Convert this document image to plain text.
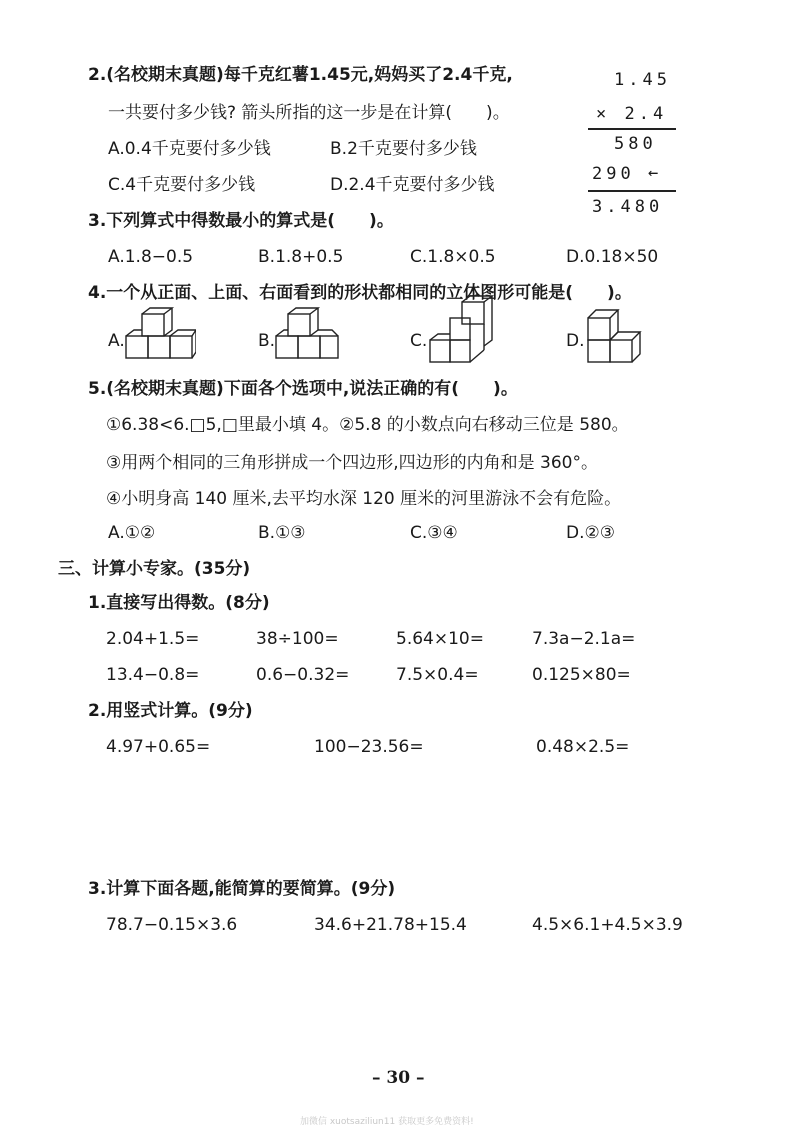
2.(名校期末真题)每千克红薯1.45元,妈妈买了2.4千克,
一共要付多少钱? 箭头所指的这一步是在计算(　　)。
A.0.4千克要付多少钱	B.2千克要付多少钱
C.4千克要付多少钱	D.2.4千克要付多少钱
1.45
× 2.4
580
290 ←
3.480
3.下列算式中得数最小的算式是(　　)。
A.1.8−0.5	B.1.8+0.5	C.1.8×0.5	D.0.18×50
4.一个从正面、上面、右面看到的形状都相同的立体图形可能是(　　)。
A.	B.	C.	D.
5.(名校期末真题)下面各个选项中,说法正确的有(　　)。
①6.38<6.□5,□里最小填 4。②5.8 的小数点向右移动三位是 580。
③用两个相同的三角形拼成一个四边形,四边形的内角和是 360°。
④小明身高 140 厘米,去平均水深 120 厘米的河里游泳不会有危险。
A.①②	B.①③	C.③④	D.②③
三、计算小专家。(35分)
1.直接写出得数。(8分)
2.04+1.5=	38÷100=	5.64×10=	7.3a−2.1a=
13.4−0.8=	0.6−0.32=	7.5×0.4=	0.125×80=
2.用竖式计算。(9分)
4.97+0.65=	100−23.56=	0.48×2.5=
3.计算下面各题,能简算的要简算。(9分)
78.7−0.15×3.6	34.6+21.78+15.4	4.5×6.1+4.5×3.9
– 30 –
加微信 xuotsaziliun11 获取更多免费资料!
